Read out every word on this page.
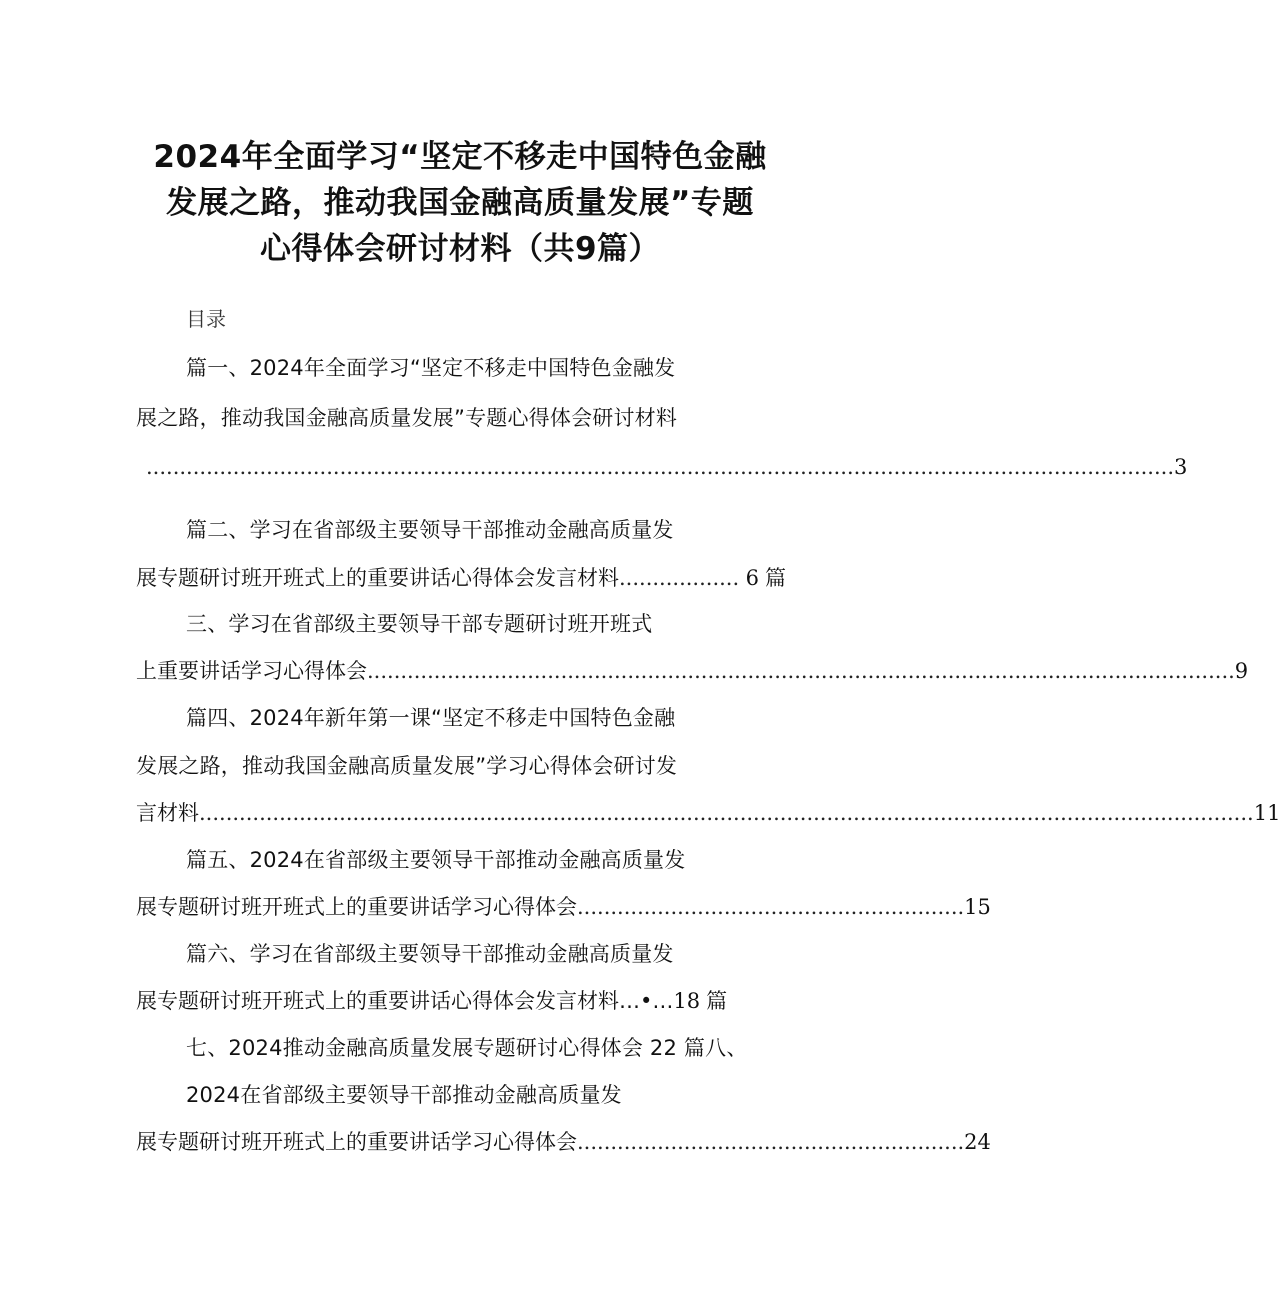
2024年全面学习“坚定不移走中国特色金融
发展之路，推动我国金融高质量发展”专题
心得体会研讨材料（共9篇）
目录
篇一、2024年全面学习“坚定不移走中国特色金融发
展之路，推动我国金融高质量发展”专题心得体会研讨材料
.......................................................................................................................................................... 3
篇二、学习在省部级主要领导干部推动金融高质量发
展专题研讨班开班式上的重要讲话心得体会发言材料 .................. 6 篇
三、学习在省部级主要领导干部专题研讨班开班式
上重要讲话学习心得体会 .................................................................................................................................. 9
篇四、2024年新年第一课“坚定不移走中国特色金融
发展之路，推动我国金融高质量发展”学习心得体会研讨发
言材料 .............................................................................................................................................................. 11
篇五、2024在省部级主要领导干部推动金融高质量发
展专题研讨班开班式上的重要讲话学习心得体会 .......................................................... 15
篇六、学习在省部级主要领导干部推动金融高质量发
展专题研讨班开班式上的重要讲话心得体会发言材料…•… 18 篇
七、2024推动金融高质量发展专题研讨心得体会 22 篇八、
2024在省部级主要领导干部推动金融高质量发
展专题研讨班开班式上的重要讲话学习心得体会 .......................................................... 24
